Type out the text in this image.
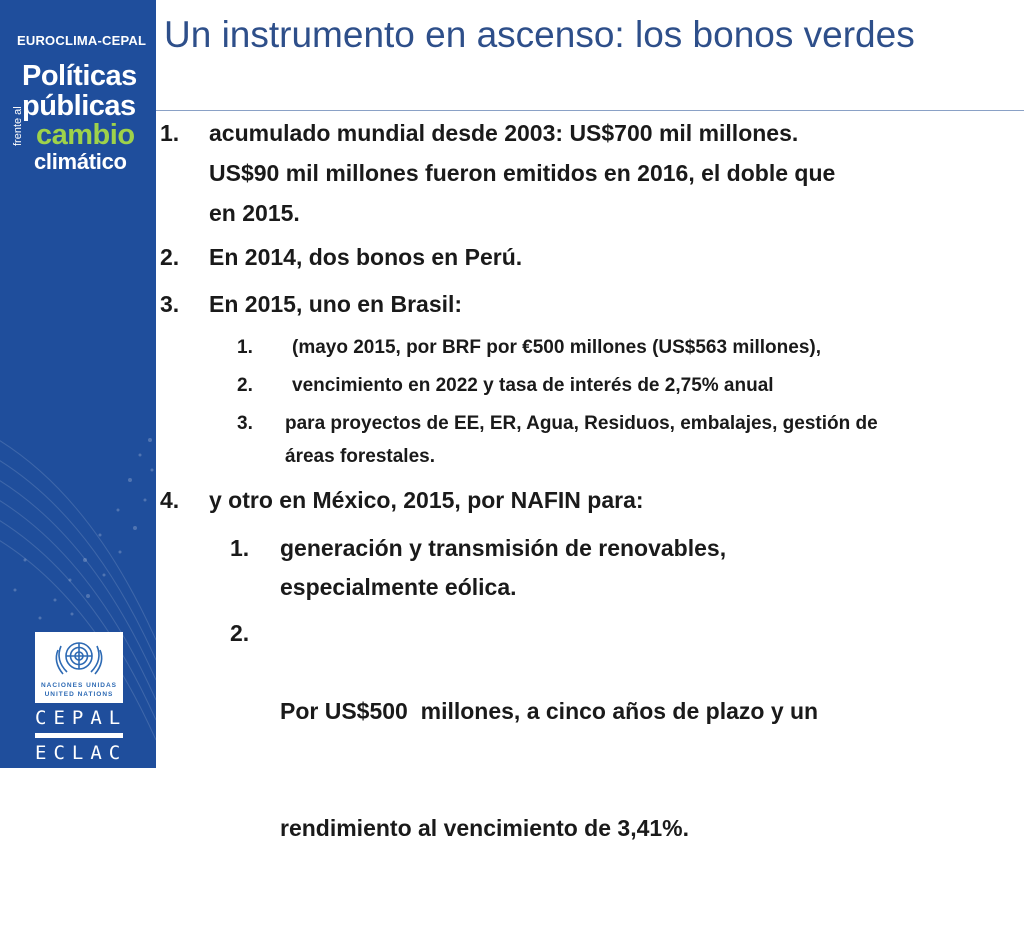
EUROCLIMA-CEPAL
Políticas
públicas
frente al cambio
climático
NACIONES UNIDAS
UNITED NATIONS
CEPAL
ECLAC
Un instrumento en ascenso: los bonos verdes
1. acumulado mundial desde 2003: US$700 mil millones.
US$90 mil millones fueron emitidos en 2016, el doble que
en 2015.
2. En 2014, dos bonos en Perú.
3. En 2015, uno en Brasil:
1. (mayo 2015, por BRF por €500 millones (US$563 millones),
2. vencimiento en 2022 y tasa de interés de 2,75% anual
3. para proyectos de EE, ER, Agua, Residuos, embalajes, gestión de
áreas forestales.
4. y otro en México, 2015, por NAFIN para:
1. generación y transmisión de renovables,
especialmente eólica.
2.

Por US$500  millones, a cinco años de plazo y un

rendimiento al vencimiento de 3,41%.
